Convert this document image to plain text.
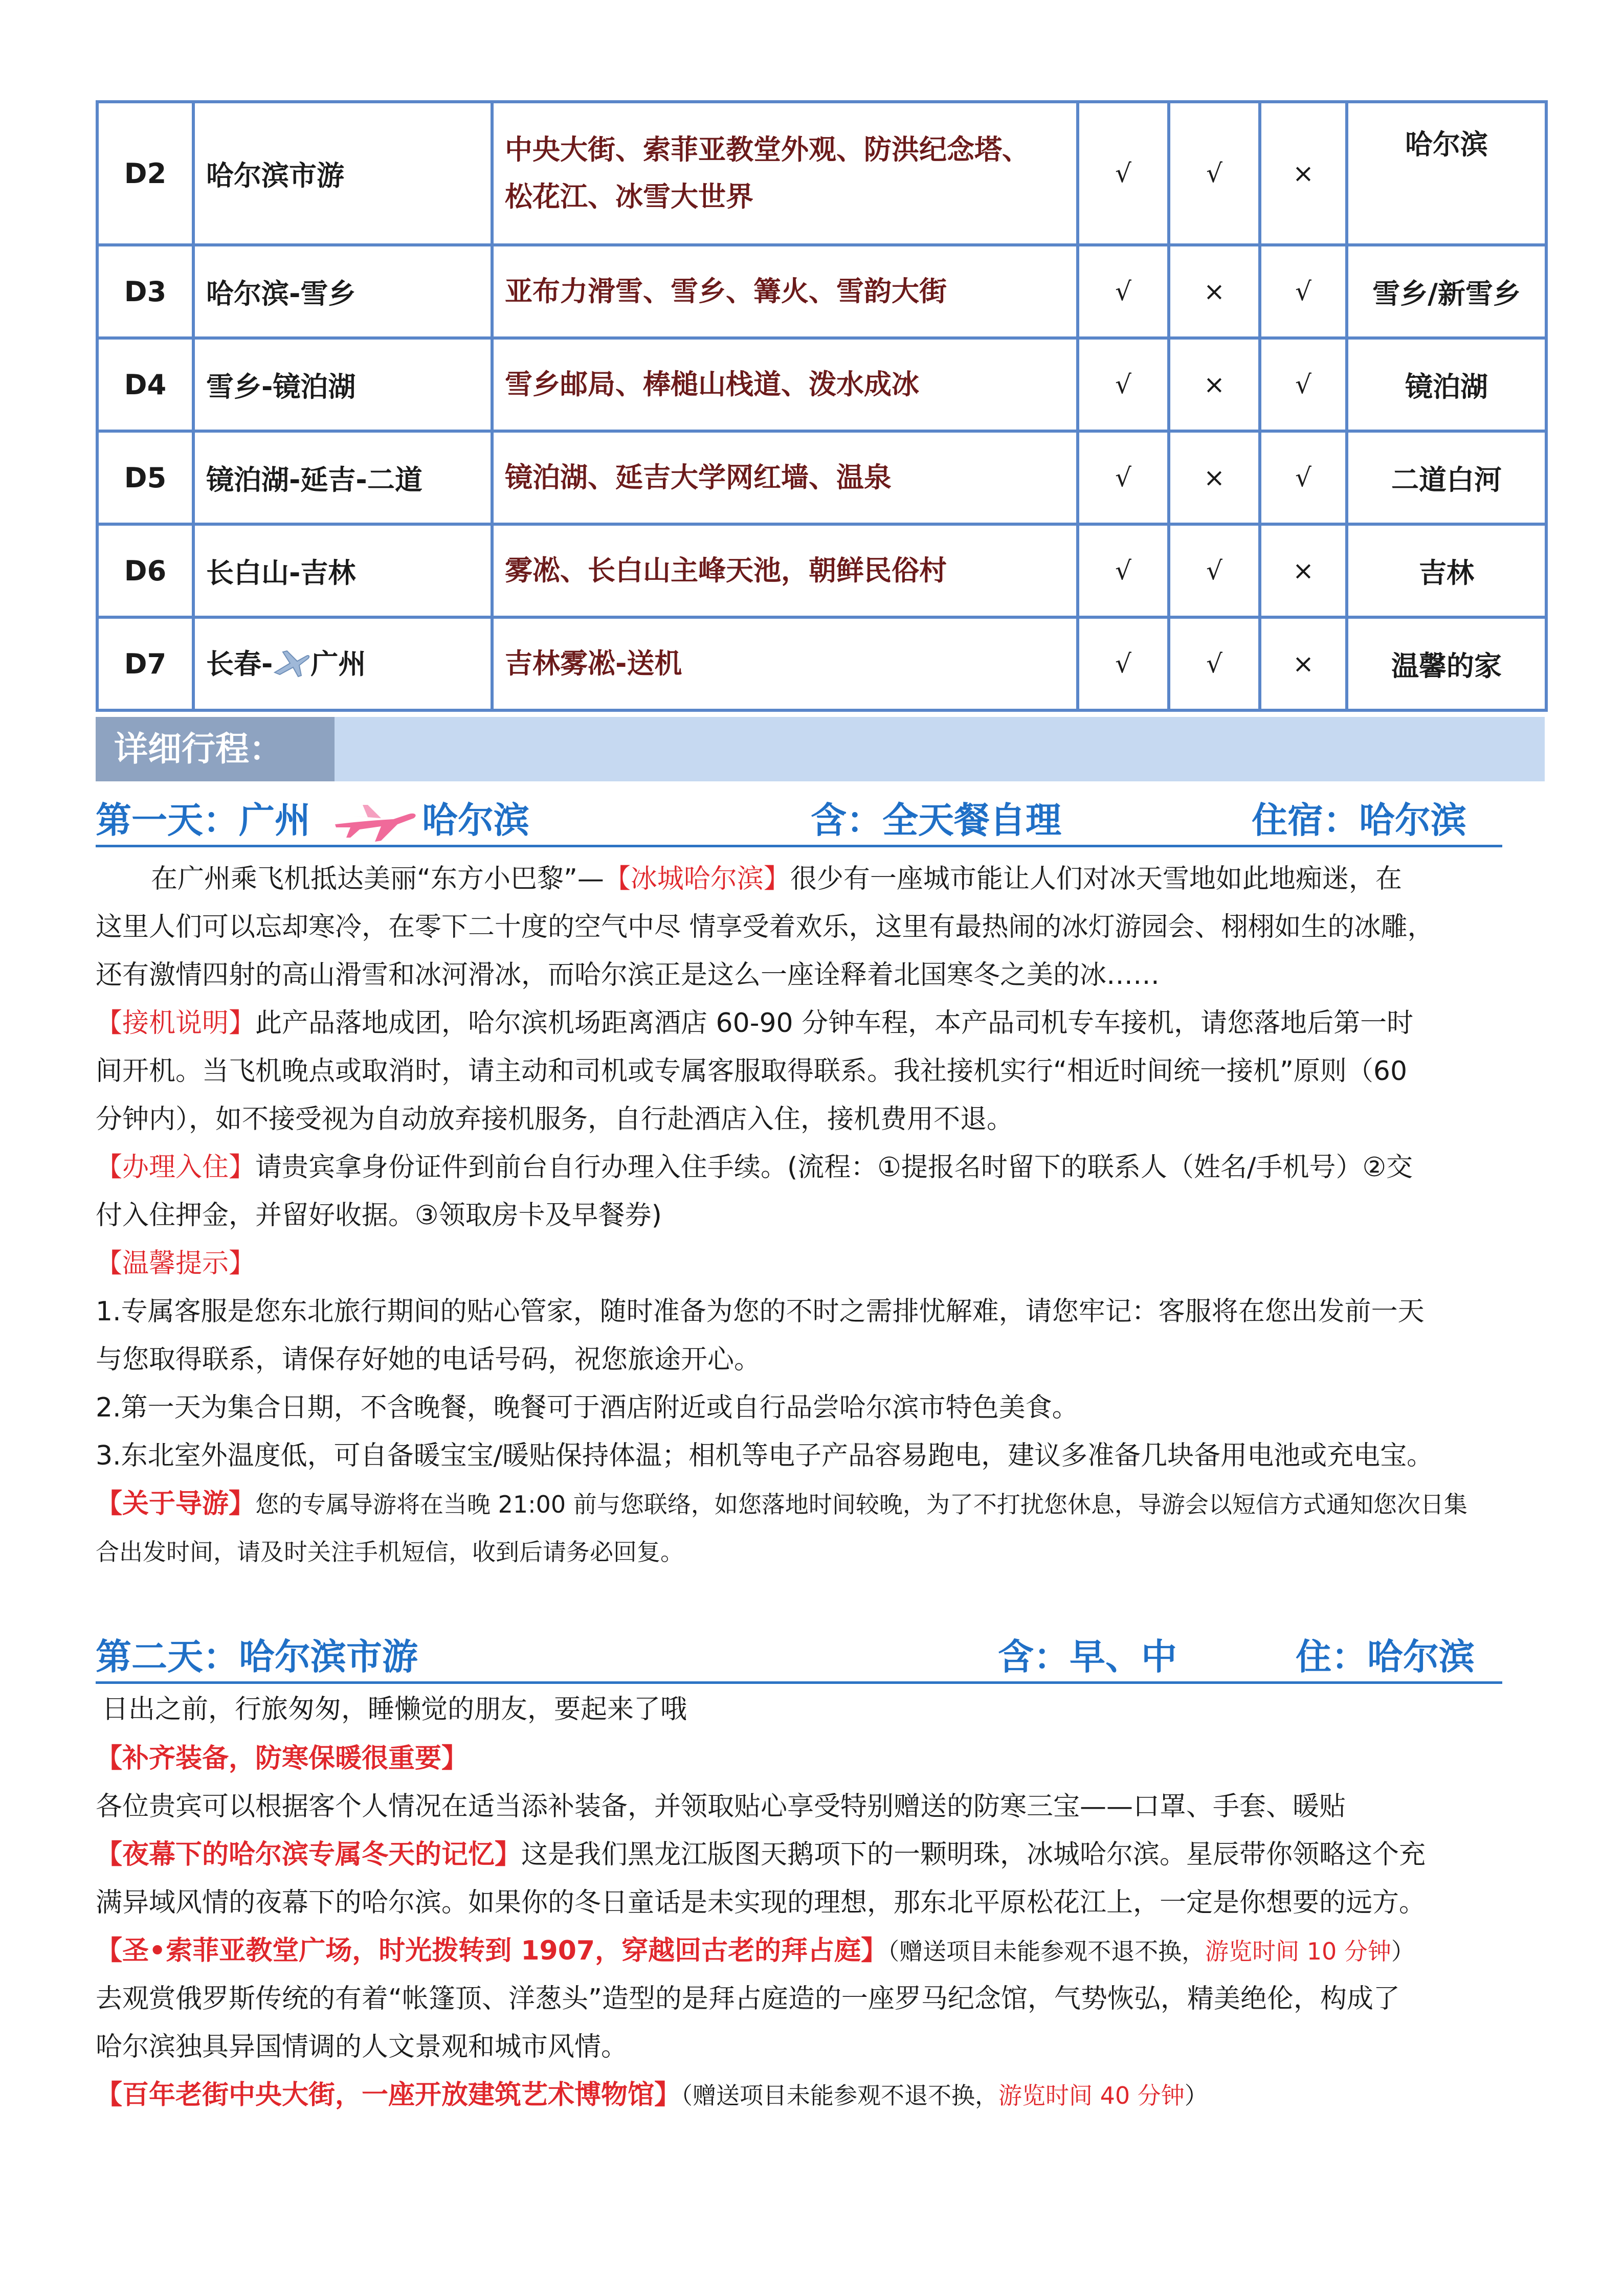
D2	哈尔滨市游	中央大街、索菲亚教堂外观、防洪纪念塔、
松花江、冰雪大世界	√	√	×	哈尔滨
D3	哈尔滨-雪乡	亚布力滑雪、雪乡、篝火、雪韵大街	√	×	√	雪乡/新雪乡
D4	雪乡-镜泊湖	雪乡邮局、棒槌山栈道、泼水成冰	√	×	√	镜泊湖
D5	镜泊湖-延吉-二道	镜泊湖、延吉大学网红墙、温泉	√	×	√	二道白河
D6	长白山-吉林	雾凇、长白山主峰天池，朝鲜民俗村	√	√	×	吉林
D7	长春- 广州	吉林雾凇-送机	√	√	×	温馨的家
详细行程：
第一天：广州	哈尔滨	含：全天餐自理	住宿：哈尔滨
在广州乘飞机抵达美丽“东方小巴黎”—【冰城哈尔滨】很少有一座城市能让人们对冰天雪地如此地痴迷，在
这里人们可以忘却寒冷，在零下二十度的空气中尽 情享受着欢乐，这里有最热闹的冰灯游园会、栩栩如生的冰雕，
还有激情四射的高山滑雪和冰河滑冰，而哈尔滨正是这么一座诠释着北国寒冬之美的冰……
【接机说明】此产品落地成团，哈尔滨机场距离酒店 60-90 分钟车程，本产品司机专车接机，请您落地后第一时
间开机。当飞机晚点或取消时，请主动和司机或专属客服取得联系。我社接机实行“相近时间统一接机”原则（60
分钟内），如不接受视为自动放弃接机服务，自行赴酒店入住，接机费用不退。
【办理入住】请贵宾拿身份证件到前台自行办理入住手续。(流程：①提报名时留下的联系人（姓名/手机号）②交
付入住押金，并留好收据。③领取房卡及早餐券)
【温馨提示】
1.专属客服是您东北旅行期间的贴心管家，随时准备为您的不时之需排忧解难，请您牢记：客服将在您出发前一天
与您取得联系，请保存好她的电话号码，祝您旅途开心。
2.第一天为集合日期，不含晚餐，晚餐可于酒店附近或自行品尝哈尔滨市特色美食。
3.东北室外温度低，可自备暖宝宝/暖贴保持体温；相机等电子产品容易跑电，建议多准备几块备用电池或充电宝。
【关于导游】您的专属导游将在当晚 21:00 前与您联络，如您落地时间较晚，为了不打扰您休息，导游会以短信方式通知您次日集
合出发时间，请及时关注手机短信，收到后请务必回复。
第二天：哈尔滨市游	含：早、中	住：哈尔滨
日出之前，行旅匆匆，睡懒觉的朋友，要起来了哦
【补齐装备，防寒保暖很重要】
各位贵宾可以根据客个人情况在适当添补装备，并领取贴心享受特别赠送的防寒三宝——口罩、手套、暖贴
【夜幕下的哈尔滨专属冬天的记忆】这是我们黑龙江版图天鹅项下的一颗明珠，冰城哈尔滨。星辰带你领略这个充
满异域风情的夜幕下的哈尔滨。如果你的冬日童话是未实现的理想，那东北平原松花江上，一定是你想要的远方。
【圣•索菲亚教堂广场，时光拨转到 1907，穿越回古老的拜占庭】（赠送项目未能参观不退不换，游览时间 10 分钟）
去观赏俄罗斯传统的有着“帐篷顶、洋葱头”造型的是拜占庭造的一座罗马纪念馆，气势恢弘，精美绝伦，构成了
哈尔滨独具异国情调的人文景观和城市风情。
【百年老街中央大街，一座开放建筑艺术博物馆】（赠送项目未能参观不退不换，游览时间 40 分钟）
